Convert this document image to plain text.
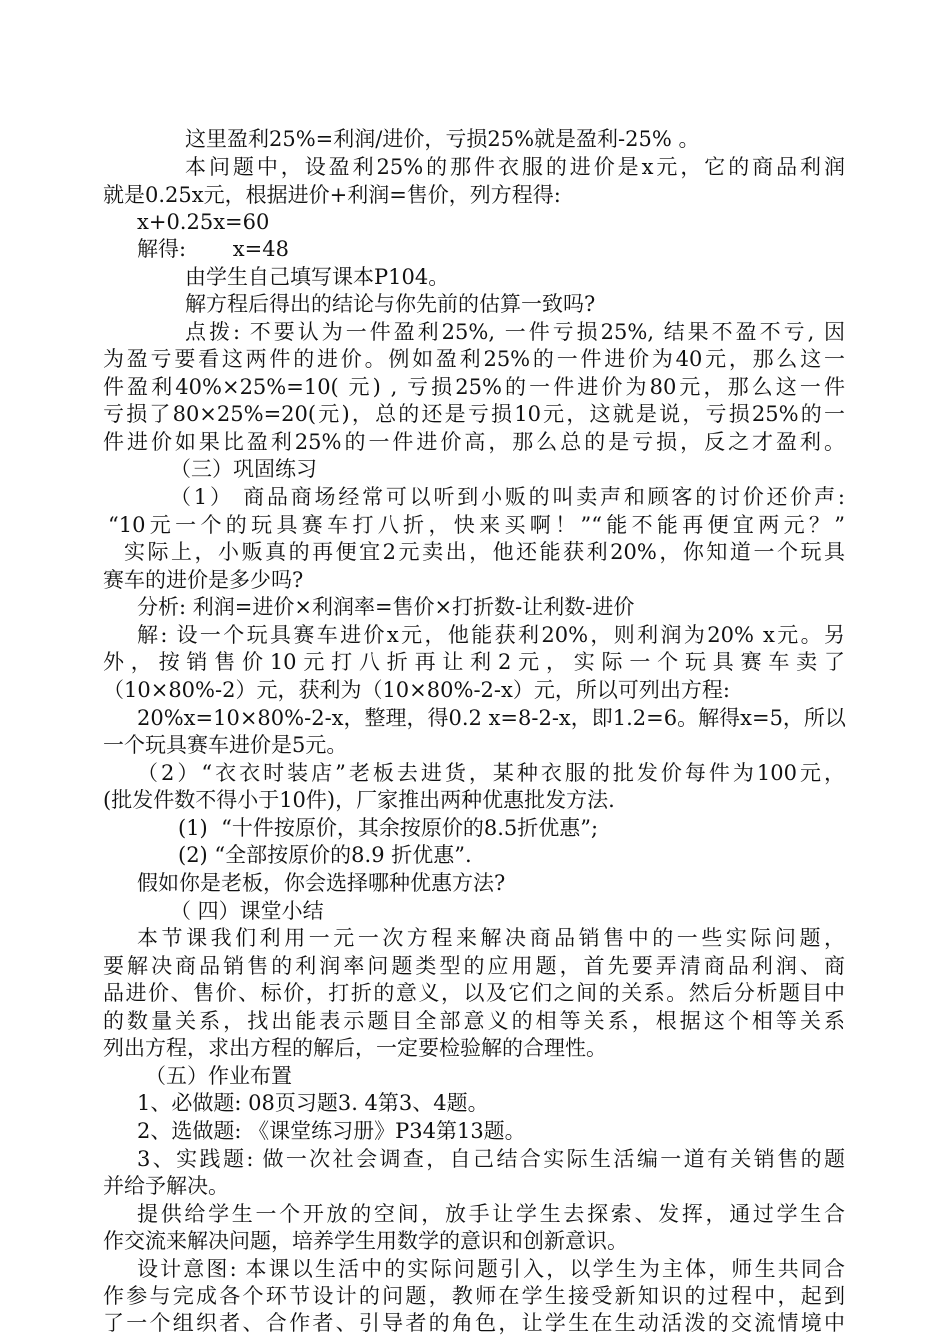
这里盈利25%=利润/进价，亏损25%就是盈利-25% 。
本问题中，设盈利25%的那件衣服的进价是x元，它的商品利润
就是0.25x元，根据进价+利润=售价，列方程得:
x+0.25x=60
解得:       x=48
由学生自己填写课本P104。
解方程后得出的结论与你先前的估算一致吗?
点拨: 不要认为一件盈利25%, 一件亏损25%, 结果不盈不亏, 因
为盈亏要看这两件的进价。例如盈利25%的一件进价为40元，那么这一
件盈利40%×25%=10( 元) , 亏损25%的一件进价为80元，那么这一件
亏损了80×25%=20(元)，总的还是亏损10元，这就是说，亏损25%的一
件进价如果比盈利25%的一件进价高，那么总的是亏损，反之才盈利。
（三）巩固练习
（1） 商品商场经常可以听到小贩的叫卖声和顾客的讨价还价声:
“10元一个的玩具赛车打八折，快来买啊！”“能不能再便宜两元？”
实际上，小贩真的再便宜2元卖出，他还能获利20%，你知道一个玩具
赛车的进价是多少吗?
分析: 利润=进价×利润率=售价×打折数-让利数-进价
解: 设一个玩具赛车进价x元，他能获利20%，则利润为20% x元。另
外，按销售价10元打八折再让利2元，实际一个玩具赛车卖了
（10×80%-2）元，获利为（10×80%-2-x）元，所以可列出方程:
20%x=10×80%-2-x，整理，得0.2 x=8-2-x，即1.2=6。解得x=5，所以
一个玩具赛车进价是5元。
（2）“衣衣时装店”老板去进货，某种衣服的批发价每件为100元，
(批发件数不得小于10件)，厂家推出两种优惠批发方法.
(1)  “十件按原价，其余按原价的8.5折优惠”;
(2) “全部按原价的8.9 折优惠”.
假如你是老板，你会选择哪种优惠方法?
（ 四）课堂小结
本节课我们利用一元一次方程来解决商品销售中的一些实际问题，
要解决商品销售的利润率问题类型的应用题，首先要弄清商品利润、商
品进价、售价、标价，打折的意义，以及它们之间的关系。然后分析题目中
的数量关系，找出能表示题目全部意义的相等关系，根据这个相等关系
列出方程，求出方程的解后，一定要检验解的合理性。
（五）作业布置
1、必做题: 08页习题3. 4第3、4题。
2、选做题: 《课堂练习册》P34第13题。
3、实践题: 做一次社会调查，自己结合实际生活编一道有关销售的题
并给予解决。
提供给学生一个开放的空间，放手让学生去探索、发挥，通过学生合
作交流来解决问题，培养学生用数学的意识和创新意识。
设计意图: 本课以生活中的实际问题引入，以学生为主体，师生共同合
作参与完成各个环节设计的问题，教师在学生接受新知识的过程中，起到
了一个组织者、合作者、引导者的角色，让学生在生动活泼的交流情境中
